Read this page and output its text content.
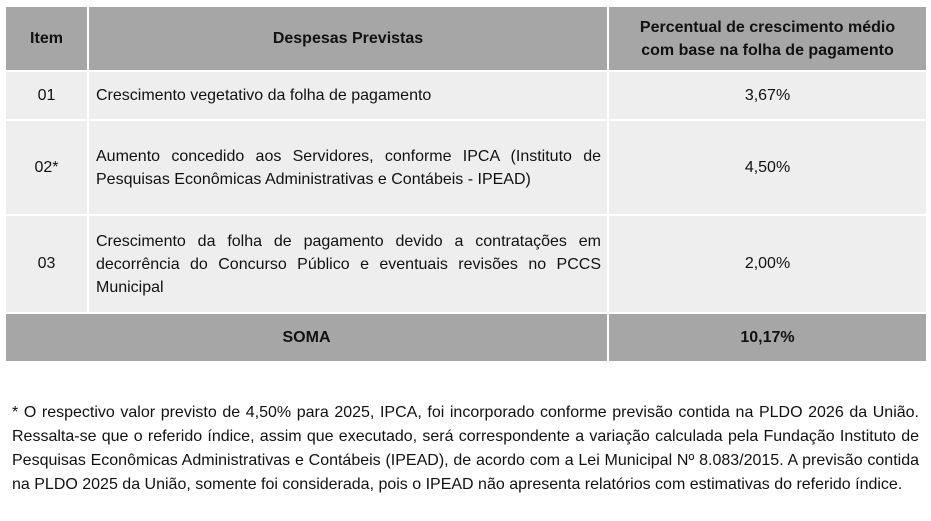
Item	Despesas Previstas	Percentual de crescimento médio
com base na folha de pagamento
01	Crescimento vegetativo da folha de pagamento	3,67%
02*	Aumento concedido aos Servidores, conforme IPCA (Instituto de Pesquisas Econômicas Administrativas e Contábeis - IPEAD)	4,50%
03	Crescimento da folha de pagamento devido a contratações em decorrência do Concurso Público e eventuais revisões no PCCS Municipal	2,00%
SOMA		10,17%

* O respectivo valor previsto de 4,50% para 2025, IPCA, foi incorporado conforme previsão contida na PLDO 2026 da União. Ressalta-se que o referido índice, assim que executado, será correspondente a variação calculada pela Fundação Instituto de Pesquisas Econômicas Administrativas e Contábeis (IPEAD), de acordo com a Lei Municipal Nº 8.083/2015. A previsão contida na PLDO 2025 da União, somente foi considerada, pois o IPEAD não apresenta relatórios com estimativas do referido índice.
